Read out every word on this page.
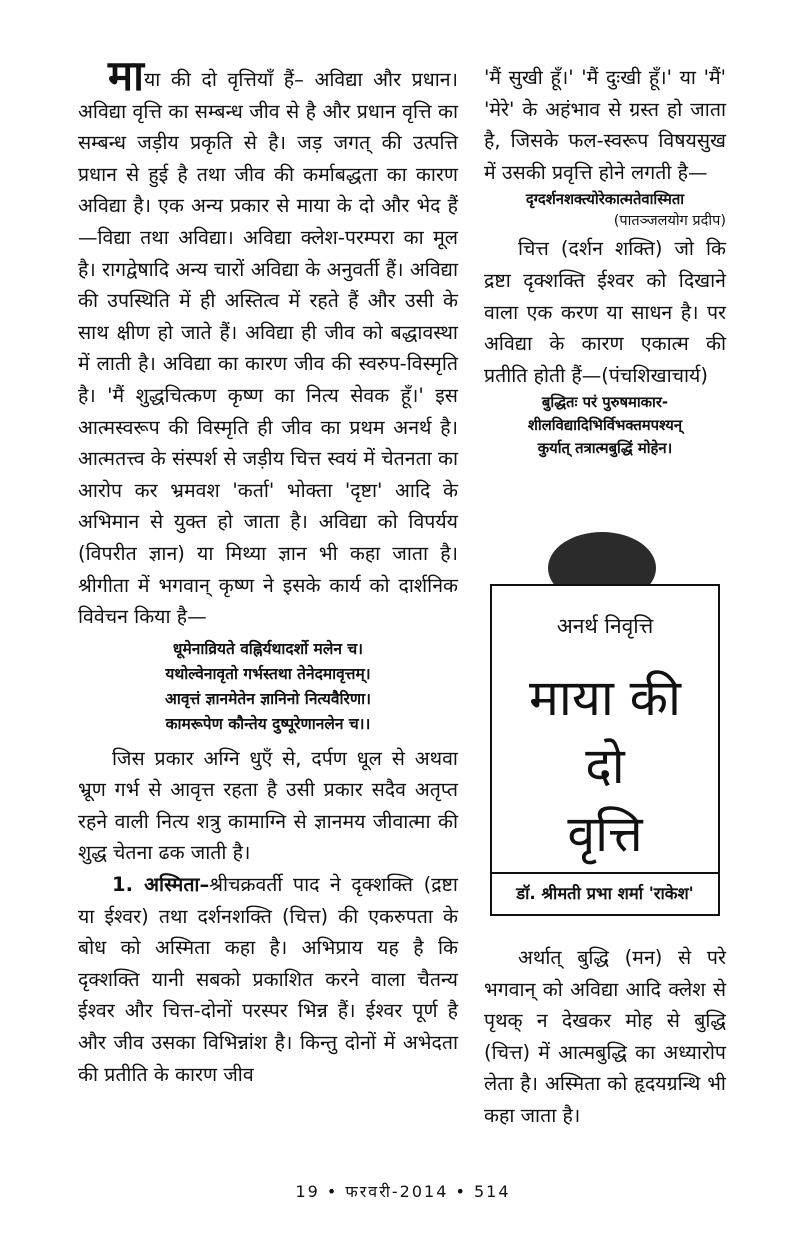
माया की दो वृत्तियाँ हैं– अविद्या और प्रधान। अविद्या वृत्ति का सम्बन्ध जीव से है और प्रधान वृत्ति का सम्बन्ध जड़ीय प्रकृति से है। जड़ जगत् की उत्पत्ति प्रधान से हुई है तथा जीव की कर्माबद्धता का कारण अविद्या है। एक अन्य प्रकार से माया के दो और भेद हैं—विद्या तथा अविद्या। अविद्या क्लेश-परम्परा का मूल है। रागद्वेषादि अन्य चारों अविद्या के अनुवर्ती हैं। अविद्या की उपस्थिति में ही अस्तित्व में रहते हैं और उसी के साथ क्षीण हो जाते हैं। अविद्या ही जीव को बद्धावस्था में लाती है। अविद्या का कारण जीव की स्वरुप-विस्मृति है। 'मैं शुद्धचित्कण कृष्ण का नित्य सेवक हूँ।' इस आत्मस्वरूप की विस्मृति ही जीव का प्रथम अनर्थ है। आत्मतत्त्व के संस्पर्श से जड़ीय चित्त स्वयं में चेतनता का आरोप कर भ्रमवश 'कर्ता' भोक्ता 'दृष्टा' आदि के अभिमान से युक्त हो जाता है। अविद्या को विपर्यय (विपरीत ज्ञान) या मिथ्या ज्ञान भी कहा जाता है। श्रीगीता में भगवान् कृष्ण ने इसके कार्य को दार्शनिक विवेचन किया है—

धूमेनाव्रियते वह्निर्यथादर्शो मलेन च।
यथोल्वेनावृतो गर्भस्तथा तेनेदमावृत्तम्।
आवृत्तं ज्ञानमेतेन ज्ञानिनो नित्यवैरिणा।
कामरूपेण कौन्तेय दुष्पूरेणानलेन च।।

जिस प्रकार अग्नि धुएँ से, दर्पण धूल से अथवा भ्रूण गर्भ से आवृत्त रहता है उसी प्रकार सदैव अतृप्त रहने वाली नित्य शत्रु कामाग्नि से ज्ञानमय जीवात्मा की शुद्ध चेतना ढक जाती है।

1. अस्मिता–श्रीचक्रवर्ती पाद ने दृक्शक्ति (द्रष्टा या ईश्वर) तथा दर्शनशक्ति (चित्त) की एकरुपता के बोध को अस्मिता कहा है। अभिप्राय यह है कि दृक्शक्ति यानी सबको प्रकाशित करने वाला चैतन्य ईश्वर और चित्त-दोनों परस्पर भिन्न हैं। ईश्वर पूर्ण है और जीव उसका विभिन्नांश है। किन्तु दोनों में अभेदता की प्रतीति के कारण जीव

'मैं सुखी हूँ।' 'मैं दुःखी हूँ।' या 'मैं' 'मेरे' के अहंभाव से ग्रस्त हो जाता है, जिसके फल-स्वरूप विषयसुख में उसकी प्रवृत्ति होने लगती है—

दृग्दर्शनशक्त्योरेकात्मतेवास्मिता
(पातञ्जलयोग प्रदीप)

चित्त (दर्शन शक्ति) जो कि द्रष्टा दृक्शक्ति ईश्वर को दिखाने वाला एक करण या साधन है। पर अविद्या के कारण एकात्म की प्रतीति होती हैं—(पंचशिखाचार्य)

बुद्धितः परं पुरुषमाकार-
शीलविद्यादिभिर्विभक्तमपश्यन्
कुर्यात् तत्रात्मबुद्धिं मोहेन।
अनर्थ निवृत्ति
माया की
दो
वृत्ति
डॉ. श्रीमती प्रभा शर्मा 'राकेश'

अर्थात् बुद्धि (मन) से परे भगवान् को अविद्या आदि क्लेश से पृथक् न देखकर मोह से बुद्धि (चित्त) में आत्मबुद्धि का अध्यारोप लेता है। अस्मिता को हृदयग्रन्थि भी कहा जाता है।

19 • फरवरी-2014 • 514
